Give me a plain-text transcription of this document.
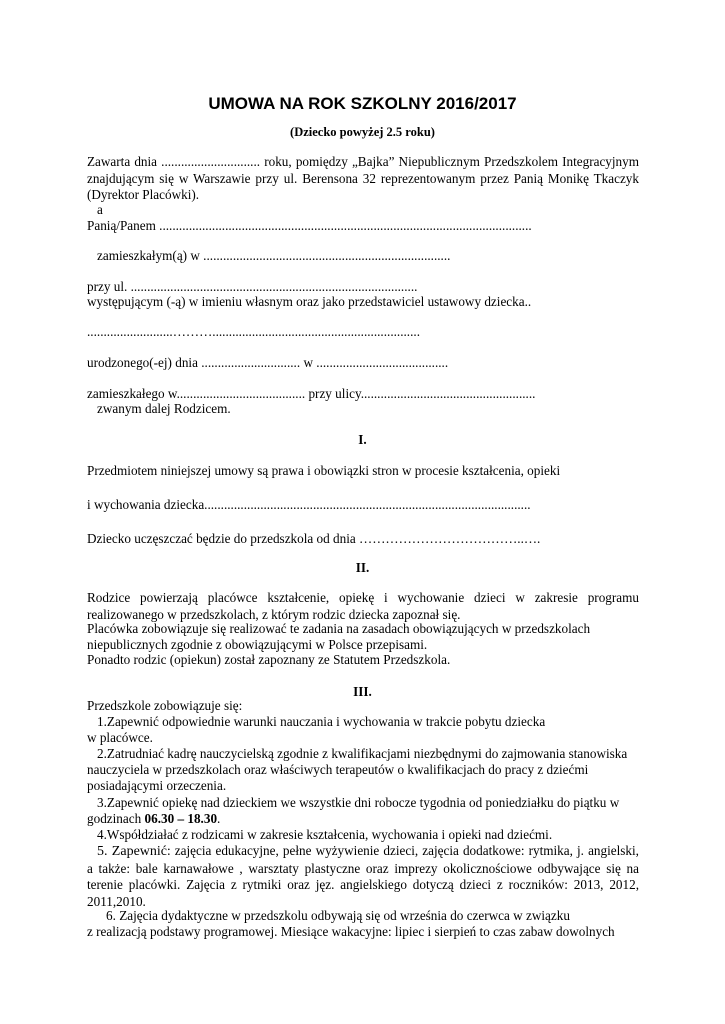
UMOWA NA ROK SZKOLNY 2016/2017
(Dziecko powyżej 2.5 roku)
Zawarta dnia .............................. roku, pomiędzy „Bajka” Niepublicznym Przedszkolem Integracyjnym znajdującym się w Warszawie przy ul. Berensona 32 reprezentowanym przez Panią Monikę Tkaczyk (Dyrektor Placówki).
a
Panią/Panem .................................................................................................................
zamieszkałym(ą) w ...........................................................................
przy ul. .......................................................................................
występującym (-ą) w imieniu własnym oraz jako przedstawiciel ustawowy dziecka..
..........................………...............................................................
urodzonego(-ej) dnia .............................. w ........................................
zamieszkałego w....................................... przy ulicy.....................................................
zwanym dalej Rodzicem.
I.
Przedmiotem niniejszej umowy są prawa i obowiązki stron w procesie kształcenia, opieki
i wychowania dziecka...................................................................................................
Dziecko uczęszczać będzie do przedszkola od dnia ………………………………..….
II.
Rodzice powierzają placówce kształcenie, opiekę i wychowanie dzieci w zakresie programu realizowanego w przedszkolach, z którym rodzic dziecka zapoznał się.
Placówka zobowiązuje się realizować te zadania na zasadach obowiązujących w przedszkolach
niepublicznych zgodnie z obowiązującymi w Polsce przepisami.
Ponadto rodzic (opiekun) został zapoznany ze Statutem Przedszkola.
III.
Przedszkole zobowiązuje się:
1.Zapewnić odpowiednie warunki nauczania i wychowania w trakcie pobytu dziecka
w placówce.
2.Zatrudniać kadrę nauczycielską zgodnie z kwalifikacjami niezbędnymi do zajmowania stanowiska
nauczyciela w przedszkolach oraz właściwych terapeutów o kwalifikacjach do pracy z dziećmi
posiadającymi orzeczenia.
3.Zapewnić opiekę nad dzieckiem we wszystkie dni robocze tygodnia od poniedziałku do piątku w
godzinach 06.30 – 18.30.
4.Współdziałać z rodzicami w zakresie kształcenia, wychowania i opieki nad dziećmi.
5. Zapewnić: zajęcia edukacyjne, pełne wyżywienie dzieci, zajęcia dodatkowe: rytmika, j. angielski, a także: bale karnawałowe , warsztaty plastyczne oraz imprezy okolicznościowe odbywające się na terenie placówki. Zajęcia z rytmiki oraz jęz. angielskiego dotyczą dzieci z roczników: 2013, 2012, 2011,2010.
6. Zajęcia dydaktyczne w przedszkolu odbywają się od września do czerwca w związku
z realizacją podstawy programowej. Miesiące wakacyjne: lipiec i sierpień to czas zabaw dowolnych
